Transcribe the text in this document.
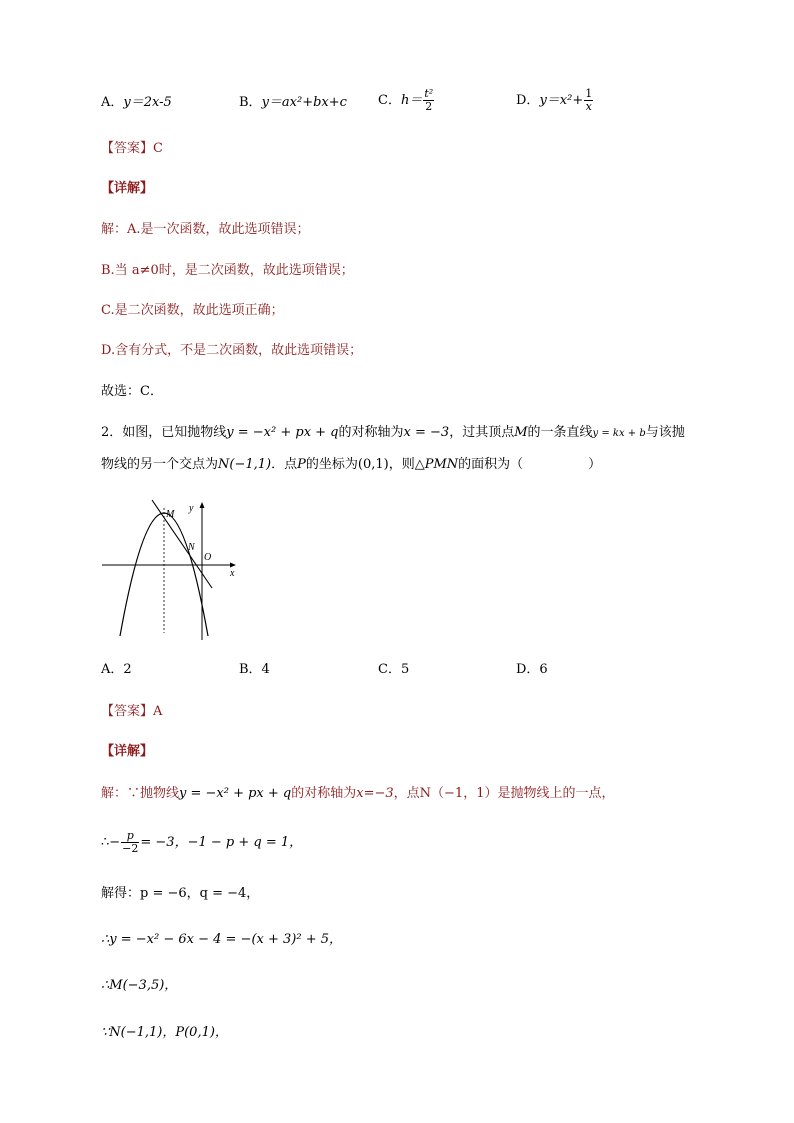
A．y＝2x-5	B．y＝ax²+bx+c C．$h= \frac{\text{t²}}{2}$	D．$y=x^2+ \frac{1}{x}$
【答案】C
【详解】
解：A.是一次函数，故此选项错误；
B.当 a≠0时，是二次函数，故此选项错误；
C.是二次函数，故此选项正确；
D.含有分式，不是二次函数，故此选项错误；
故选：C．
2．如图，已知抛物线y = −x² + px + q的对称轴为x = −3，过其顶点M的一条直线y = kx + b与该抛
物线的另一个交点为N(−1,1)．点P的坐标为(0,1)，则△PMN的面积为（　　　　　）
M
y
N
O
x
A．2	B．4	C．5	D．6
【答案】A
【详解】
解：∵抛物线y = −x² + px + q的对称轴为x=−3，点N（−1，1）是抛物线上的一点，
∴− $\frac{p}{-2} = -3$，−1 − p + q = 1，
解得：p = −6，q = −4，
∴y = −x² − 6x − 4 = −(x + 3)² + 5，
∴M(−3,5)，
∵N(−1,1)，P(0,1)，
